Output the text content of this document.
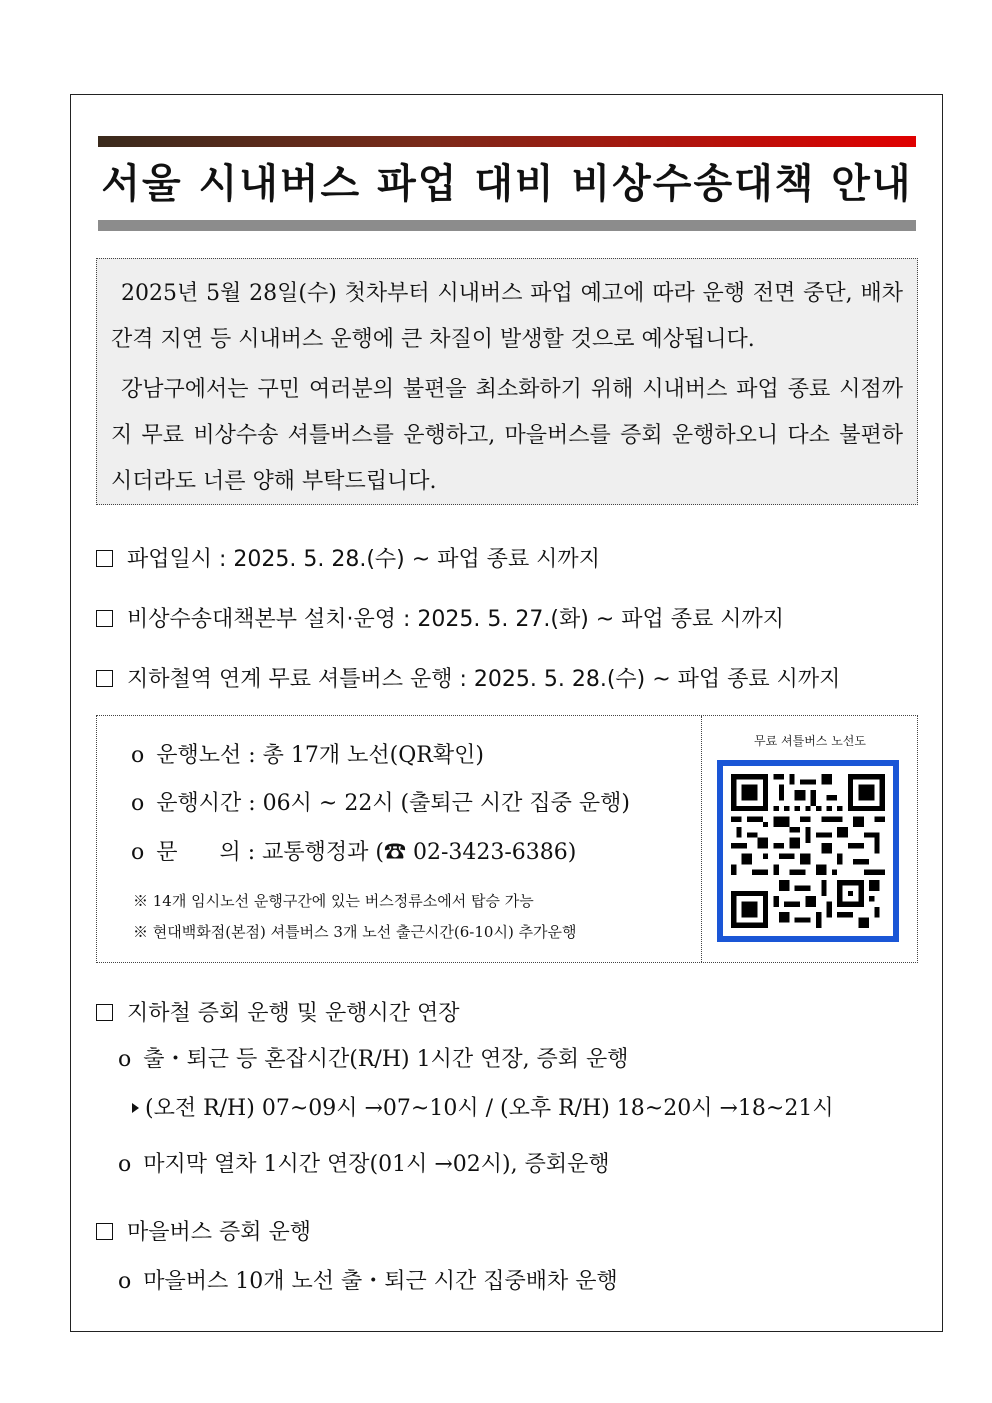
서울 시내버스 파업 대비 비상수송대책 안내

2025년 5월 28일(수) 첫차부터 시내버스 파업 예고에 따라 운행 전면 중단, 배차간격 지연 등 시내버스 운행에 큰 차질이 발생할 것으로 예상됩니다.

강남구에서는 구민 여러분의 불편을 최소화하기 위해 시내버스 파업 종료 시점까지 무료 비상수송 셔틀버스를 운행하고, 마을버스를 증회 운행하오니 다소 불편하시더라도 너른 양해 부탁드립니다.

파업일시 : 2025. 5. 28.(수) ~ 파업 종료 시까지
비상수송대책본부 설치·운영 : 2025. 5. 27.(화) ~ 파업 종료 시까지
지하철역 연계 무료 셔틀버스 운행 : 2025. 5. 28.(수) ~ 파업 종료 시까지
o 운행노선 : 총 17개 노선(QR확인)
o 운행시간 : 06시 ~ 22시 (출퇴근 시간 집중 운행)
o 문      의 : 교통행정과 (☎ 02-3423-6386)
※ 14개 임시노선 운행구간에 있는 버스정류소에서 탑승 가능
※ 현대백화점(본점) 셔틀버스 3개 노선 출근시간(6-10시) 추가운행
무료 셔틀버스 노선도
지하철 증회 운행 및 운행시간 연장
o 출・퇴근 등 혼잡시간(R/H) 1시간 연장, 증회 운행
(오전 R/H) 07~09시 →07~10시 / (오후 R/H) 18~20시 →18~21시
o 마지막 열차 1시간 연장(01시 →02시), 증회운행
마을버스 증회 운행
o 마을버스 10개 노선 출・퇴근 시간 집중배차 운행
